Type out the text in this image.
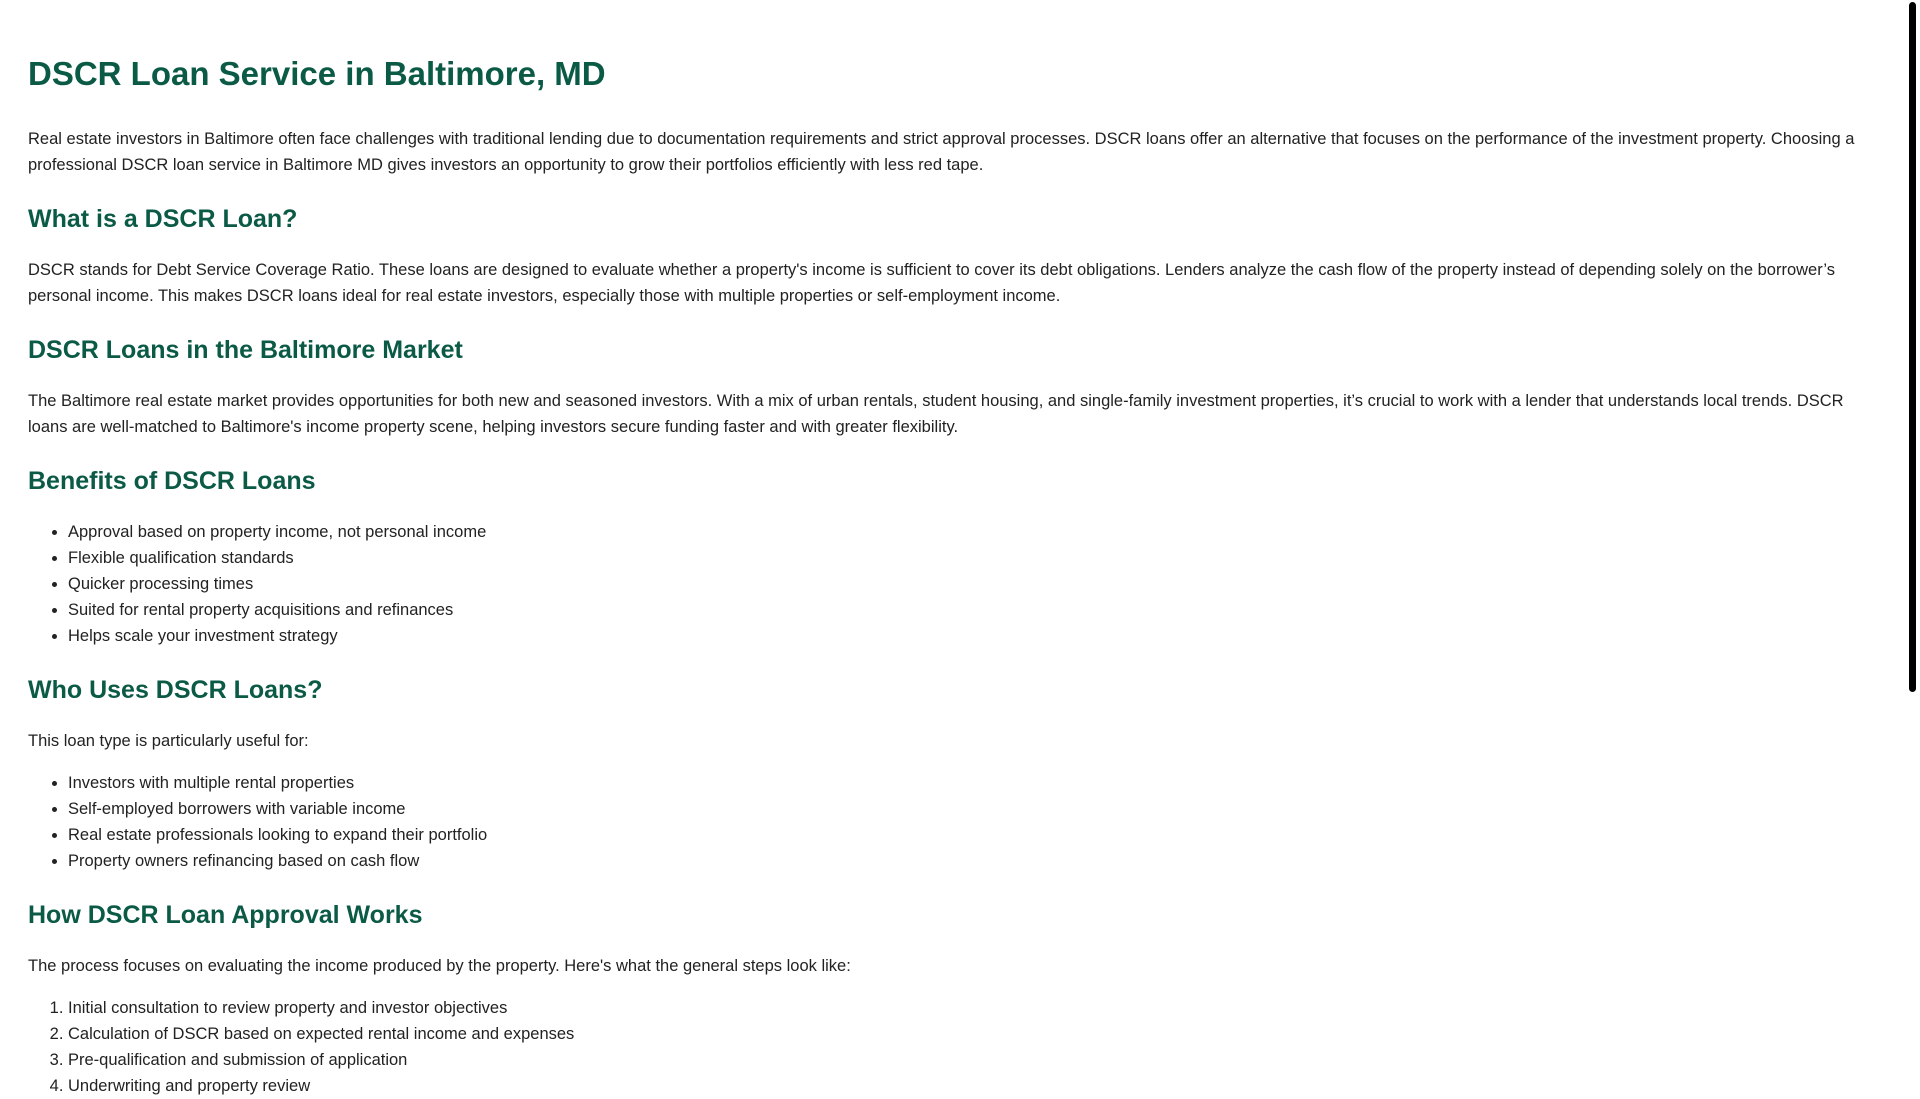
DSCR Loan Service in Baltimore, MD

Real estate investors in Baltimore often face challenges with traditional lending due to documentation requirements and strict approval processes. DSCR loans offer an alternative that focuses on the performance of the investment property. Choosing a professional DSCR loan service in Baltimore MD gives investors an opportunity to grow their portfolios efficiently with less red tape.

What is a DSCR Loan?

DSCR stands for Debt Service Coverage Ratio. These loans are designed to evaluate whether a property's income is sufficient to cover its debt obligations. Lenders analyze the cash flow of the property instead of depending solely on the borrower’s personal income. This makes DSCR loans ideal for real estate investors, especially those with multiple properties or self-employment income.

DSCR Loans in the Baltimore Market

The Baltimore real estate market provides opportunities for both new and seasoned investors. With a mix of urban rentals, student housing, and single-family investment properties, it’s crucial to work with a lender that understands local trends. DSCR loans are well-matched to Baltimore's income property scene, helping investors secure funding faster and with greater flexibility.

Benefits of DSCR Loans
• Approval based on property income, not personal income
• Flexible qualification standards
• Quicker processing times
• Suited for rental property acquisitions and refinances
• Helps scale your investment strategy
Who Uses DSCR Loans?

This loan type is particularly useful for:

• Investors with multiple rental properties
• Self-employed borrowers with variable income
• Real estate professionals looking to expand their portfolio
• Property owners refinancing based on cash flow
How DSCR Loan Approval Works

The process focuses on evaluating the income produced by the property. Here's what the general steps look like:

1. Initial consultation to review property and investor objectives
2. Calculation of DSCR based on expected rental income and expenses
3. Pre-qualification and submission of application
4. Underwriting and property review
